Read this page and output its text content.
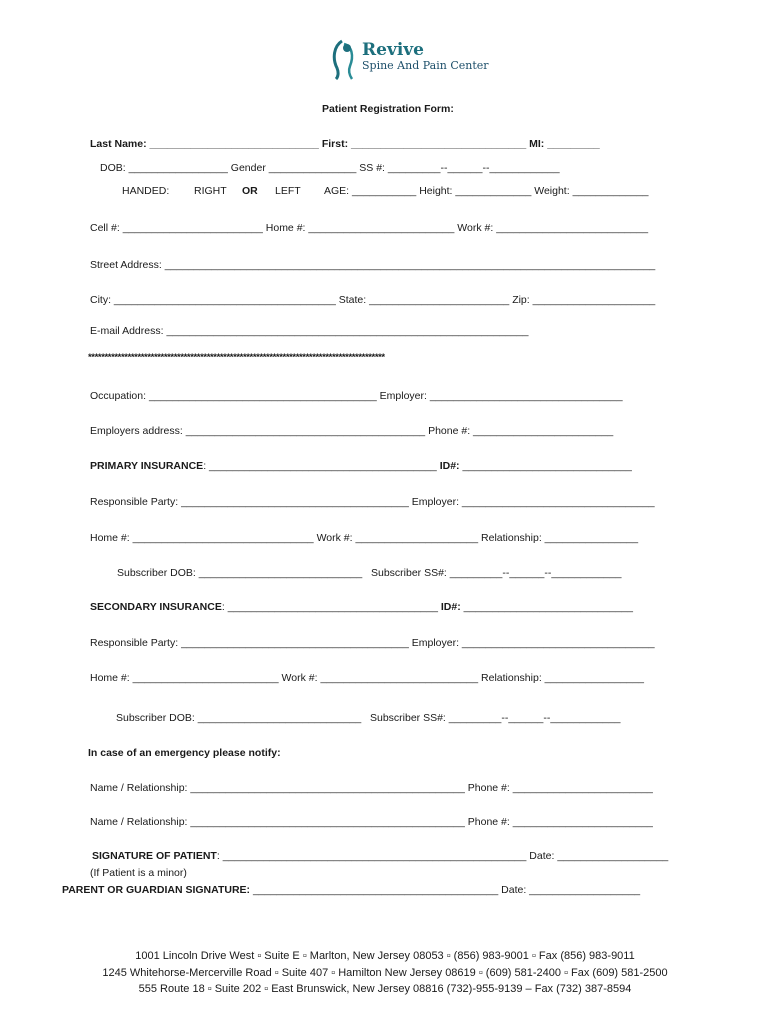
Revive
Spine And Pain Center
Patient Registration Form:
Last Name: _____________________________ First: ______________________________ MI: _________
DOB: _________________ Gender _______________ SS #: _________--______--____________
HANDED: RIGHT OR LEFT AGE: ___________ Height: _____________ Weight: _____________
Cell #: ________________________ Home #: _________________________ Work #: __________________________
Street Address: ____________________________________________________________________________________
City: ______________________________________ State: ________________________ Zip: _____________________
E-mail Address: ______________________________________________________________
******************************************************************************************
Occupation: _______________________________________ Employer: _________________________________
Employers address: _________________________________________ Phone #: ________________________
PRIMARY INSURANCE: _______________________________________ ID#: _____________________________
Responsible Party: _______________________________________ Employer: _________________________________
Home #: _______________________________ Work #: _____________________ Relationship: ________________
Subscriber DOB: ____________________________ Subscriber SS#: _________--______--____________
SECONDARY INSURANCE: ____________________________________ ID#: _____________________________
Responsible Party: _______________________________________ Employer: _________________________________
Home #: _________________________ Work #: ___________________________ Relationship: _________________
Subscriber DOB: ____________________________ Subscriber SS#: _________--______--____________
In case of an emergency please notify:
Name / Relationship: _______________________________________________ Phone #: ________________________
Name / Relationship: _______________________________________________ Phone #: ________________________
SIGNATURE OF PATIENT: ____________________________________________________ Date: ___________________
(If Patient is a minor)
PARENT OR GUARDIAN SIGNATURE: __________________________________________ Date: ___________________
1001 Lincoln Drive West ▫ Suite E ▫ Marlton, New Jersey 08053 ▫ (856) 983-9001 ▫ Fax (856) 983-9011
1245 Whitehorse-Mercerville Road ▫ Suite 407 ▫ Hamilton New Jersey 08619 ▫ (609) 581-2400 ▫ Fax (609) 581-2500
555 Route 18 ▫ Suite 202 ▫ East Brunswick, New Jersey 08816 (732)-955-9139 – Fax (732) 387-8594
